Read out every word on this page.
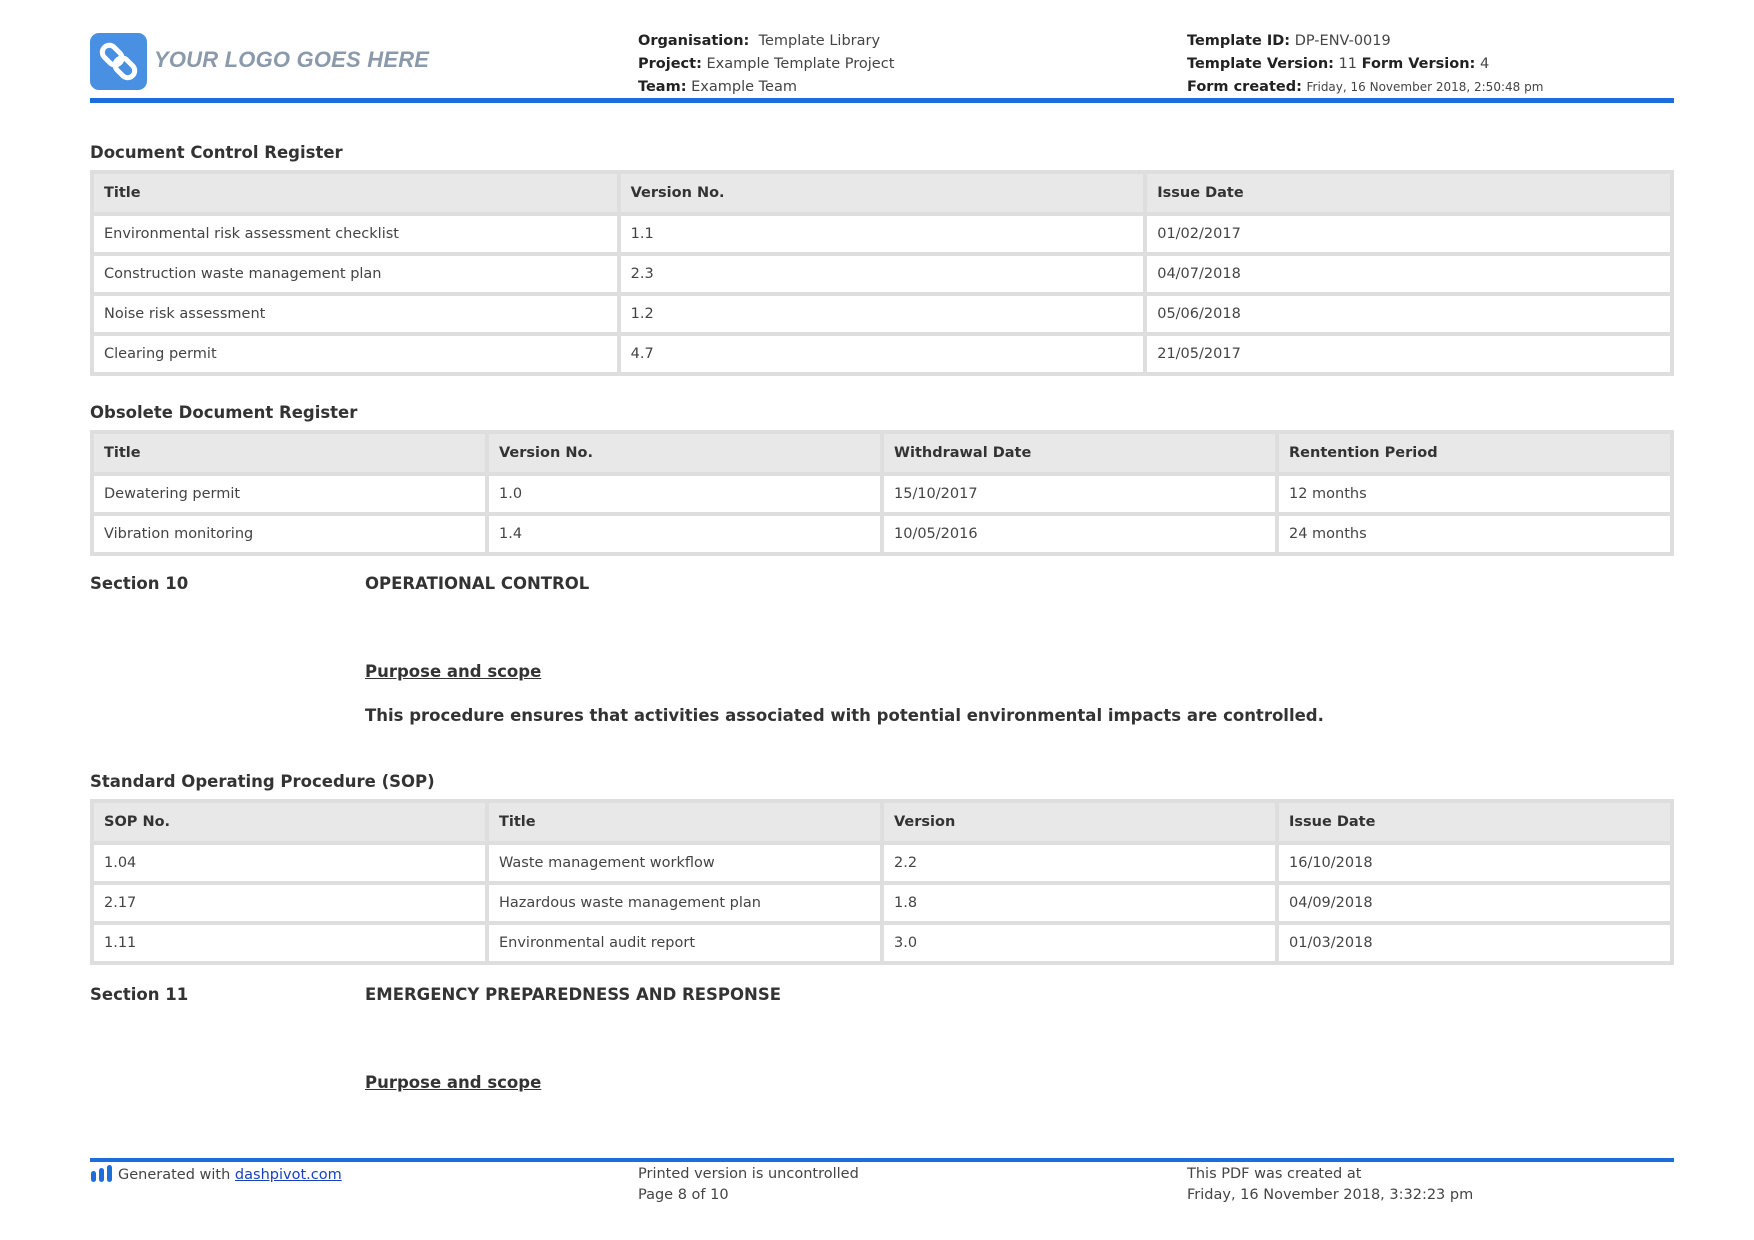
YOUR LOGO GOES HERE
Organisation: Template Library
Project: Example Template Project
Team: Example Team
Template ID: DP-ENV-0019
Template Version: 11 Form Version: 4
Form created: Friday, 16 November 2018, 2:50:48 pm
Document Control Register
Title	Version No.	Issue Date
Environmental risk assessment checklist	1.1	01/02/2017
Construction waste management plan	2.3	04/07/2018
Noise risk assessment	1.2	05/06/2018
Clearing permit	4.7	21/05/2017
Obsolete Document Register
Title	Version No.	Withdrawal Date	Rentention Period
Dewatering permit	1.0	15/10/2017	12 months
Vibration monitoring	1.4	10/05/2016	24 months
Section 10	OPERATIONAL CONTROL
Purpose and scope
This procedure ensures that activities associated with potential environmental impacts are controlled.
Standard Operating Procedure (SOP)
SOP No.	Title	Version	Issue Date
1.04	Waste management workflow	2.2	16/10/2018
2.17	Hazardous waste management plan	1.8	04/09/2018
1.11	Environmental audit report	3.0	01/03/2018
Section 11	EMERGENCY PREPAREDNESS AND RESPONSE
Purpose and scope
Generated with dashpivot.com	Printed version is uncontrolled
Page 8 of 10
This PDF was created at
Friday, 16 November 2018, 3:32:23 pm
